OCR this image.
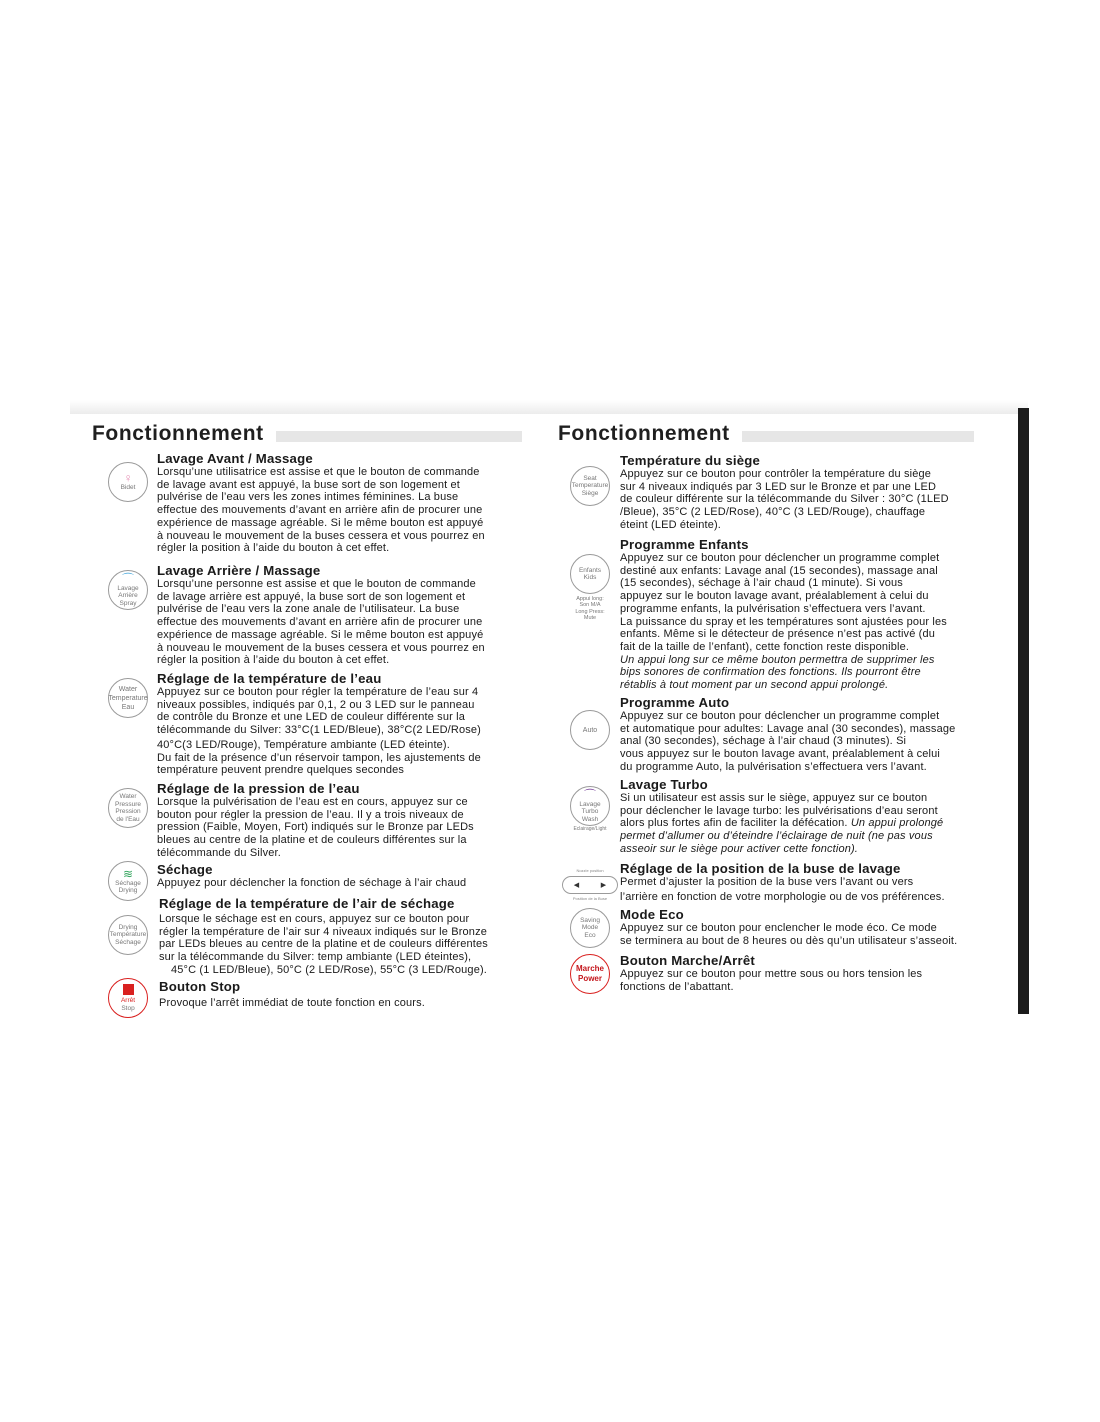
Fonctionnement
♀
Bidet
Lavage Avant / Massage

Lorsqu’une utilisatrice est assise et que le bouton de commande

de lavage avant est appuyé, la buse sort de son logement et

pulvérise de l’eau vers les zones intimes féminines. La buse

effectue des mouvements d’avant en arrière afin de procurer une

expérience de massage agréable. Si le même bouton est appuyé

à nouveau le mouvement de la buses cessera et vous pourrez en

régler la position à l’aide du bouton à cet effet.

⌒
Lavage
Arrière
Spray
Lavage Arrière / Massage

Lorsqu’une personne est assise et que le bouton de commande

de lavage arrière est appuyé, la buse sort de son logement et

pulvérise de l’eau vers la zone anale de l’utilisateur. La buse

effectue des mouvements d’avant en arrière afin de procurer une

expérience de massage agréable. Si le même bouton est appuyé

à nouveau le mouvement de la buses cessera et vous pourrez en

régler la position à l’aide du bouton à cet effet.

Water
Temperature
Eau
Réglage de la température de l’eau

Appuyez sur ce bouton pour régler la température de l’eau sur 4

niveaux possibles, indiqués par 0,1, 2 ou 3 LED sur le panneau

de contrôle du Bronze et une LED de couleur différente sur la

télécommande du Silver: 33°C(1 LED/Bleue), 38°C(2 LED/Rose)

40°C(3 LED/Rouge), Température ambiante (LED éteinte).

Du fait de la présence d’un réservoir tampon, les ajustements de

température peuvent prendre quelques secondes

Water
Pressure
Pression
de l'Eau
Réglage de la pression de l’eau

Lorsque la pulvérisation de l’eau est en cours, appuyez sur ce

bouton pour régler la pression de l’eau. Il y a trois niveaux de

pression (Faible, Moyen, Fort) indiqués sur le Bronze par LEDs

bleues au centre de la platine et de couleurs différentes sur la

télécommande du Silver.

≋
Séchage
Drying
Séchage

Appuyez pour déclencher la fonction de séchage à l’air chaud

Drying
Température
Séchage
Réglage de la température de l’air de séchage

Lorsque le séchage est en cours, appuyez sur ce bouton pour

régler la température de l’air sur 4 niveaux indiqués sur le Bronze

par LEDs bleues au centre de la platine et de couleurs différentes

sur la télécommande du Silver: temp ambiante (LED éteintes),

45°C (1 LED/Bleue), 50°C (2 LED/Rose), 55°C (3 LED/Rouge).

Arrêt
Stop
Bouton Stop

Provoque l’arrêt immédiat de toute fonction en cours.

Fonctionnement
Seat
Temperature
Siège
Température du siège

Appuyez sur ce bouton pour contrôler la température du siège

sur 4 niveaux indiqués par 3 LED sur le Bronze et par une LED

de couleur différente sur la télécommande du Silver : 30°C (1LED

/Bleue), 35°C (2 LED/Rose), 40°C (3 LED/Rouge), chauffage

éteint (LED éteinte).

Enfants
Kids
Appui long:
Son M/A
Long Press:
Mute
Programme Enfants

Appuyez sur ce bouton pour déclencher un programme complet

destiné aux enfants: Lavage anal (15 secondes), massage anal

(15 secondes), séchage à l’air chaud (1 minute). Si vous

appuyez sur le bouton lavage avant, préalablement à celui du

programme enfants, la pulvérisation s’effectuera vers l’avant.

La puissance du spray et les températures sont ajustées pour les

enfants. Même si le détecteur de présence n’est pas activé (du

fait de la taille de l’enfant), cette fonction reste disponible.

Un appui long sur ce même bouton permettra de supprimer les

bips sonores de confirmation des fonctions. Ils pourront être

rétablis à tout moment par un second appui prolongé.

Auto
Programme Auto

Appuyez sur ce bouton pour déclencher un programme complet

et automatique pour adultes: Lavage anal (30 secondes), massage

anal (30 secondes), séchage à l’air chaud (3 minutes). Si

vous appuyez sur le bouton lavage avant, préalablement à celui

du programme Auto, la pulvérisation s’effectuera vers l’avant.

⌒
Lavage
Turbo
Wash
Eclairage/Light
Lavage Turbo

Si un utilisateur est assis sur le siège, appuyez sur ce bouton

pour déclencher le lavage turbo: les pulvérisations d’eau seront

alors plus fortes afin de faciliter la défécation. Un appui prolongé

permet d’allumer ou d’éteindre l’éclairage de nuit (ne pas vous

asseoir sur le siège pour activer cette fonction).

Nozzle position
◀	▶
Position de la Buse
Réglage de la position de la buse de lavage

Permet d’ajuster la position de la buse vers l’avant ou vers

l’arrière en fonction de votre morphologie ou de vos préférences.

Saving
Mode
Eco
Mode Eco

Appuyez sur ce bouton pour enclencher le mode éco. Ce mode

se terminera au bout de 8 heures ou dès qu’un utilisateur s’asseoit.

Marche
Power
Bouton Marche/Arrêt

Appuyez sur ce bouton pour mettre sous ou hors tension les

fonctions de l’abattant.
